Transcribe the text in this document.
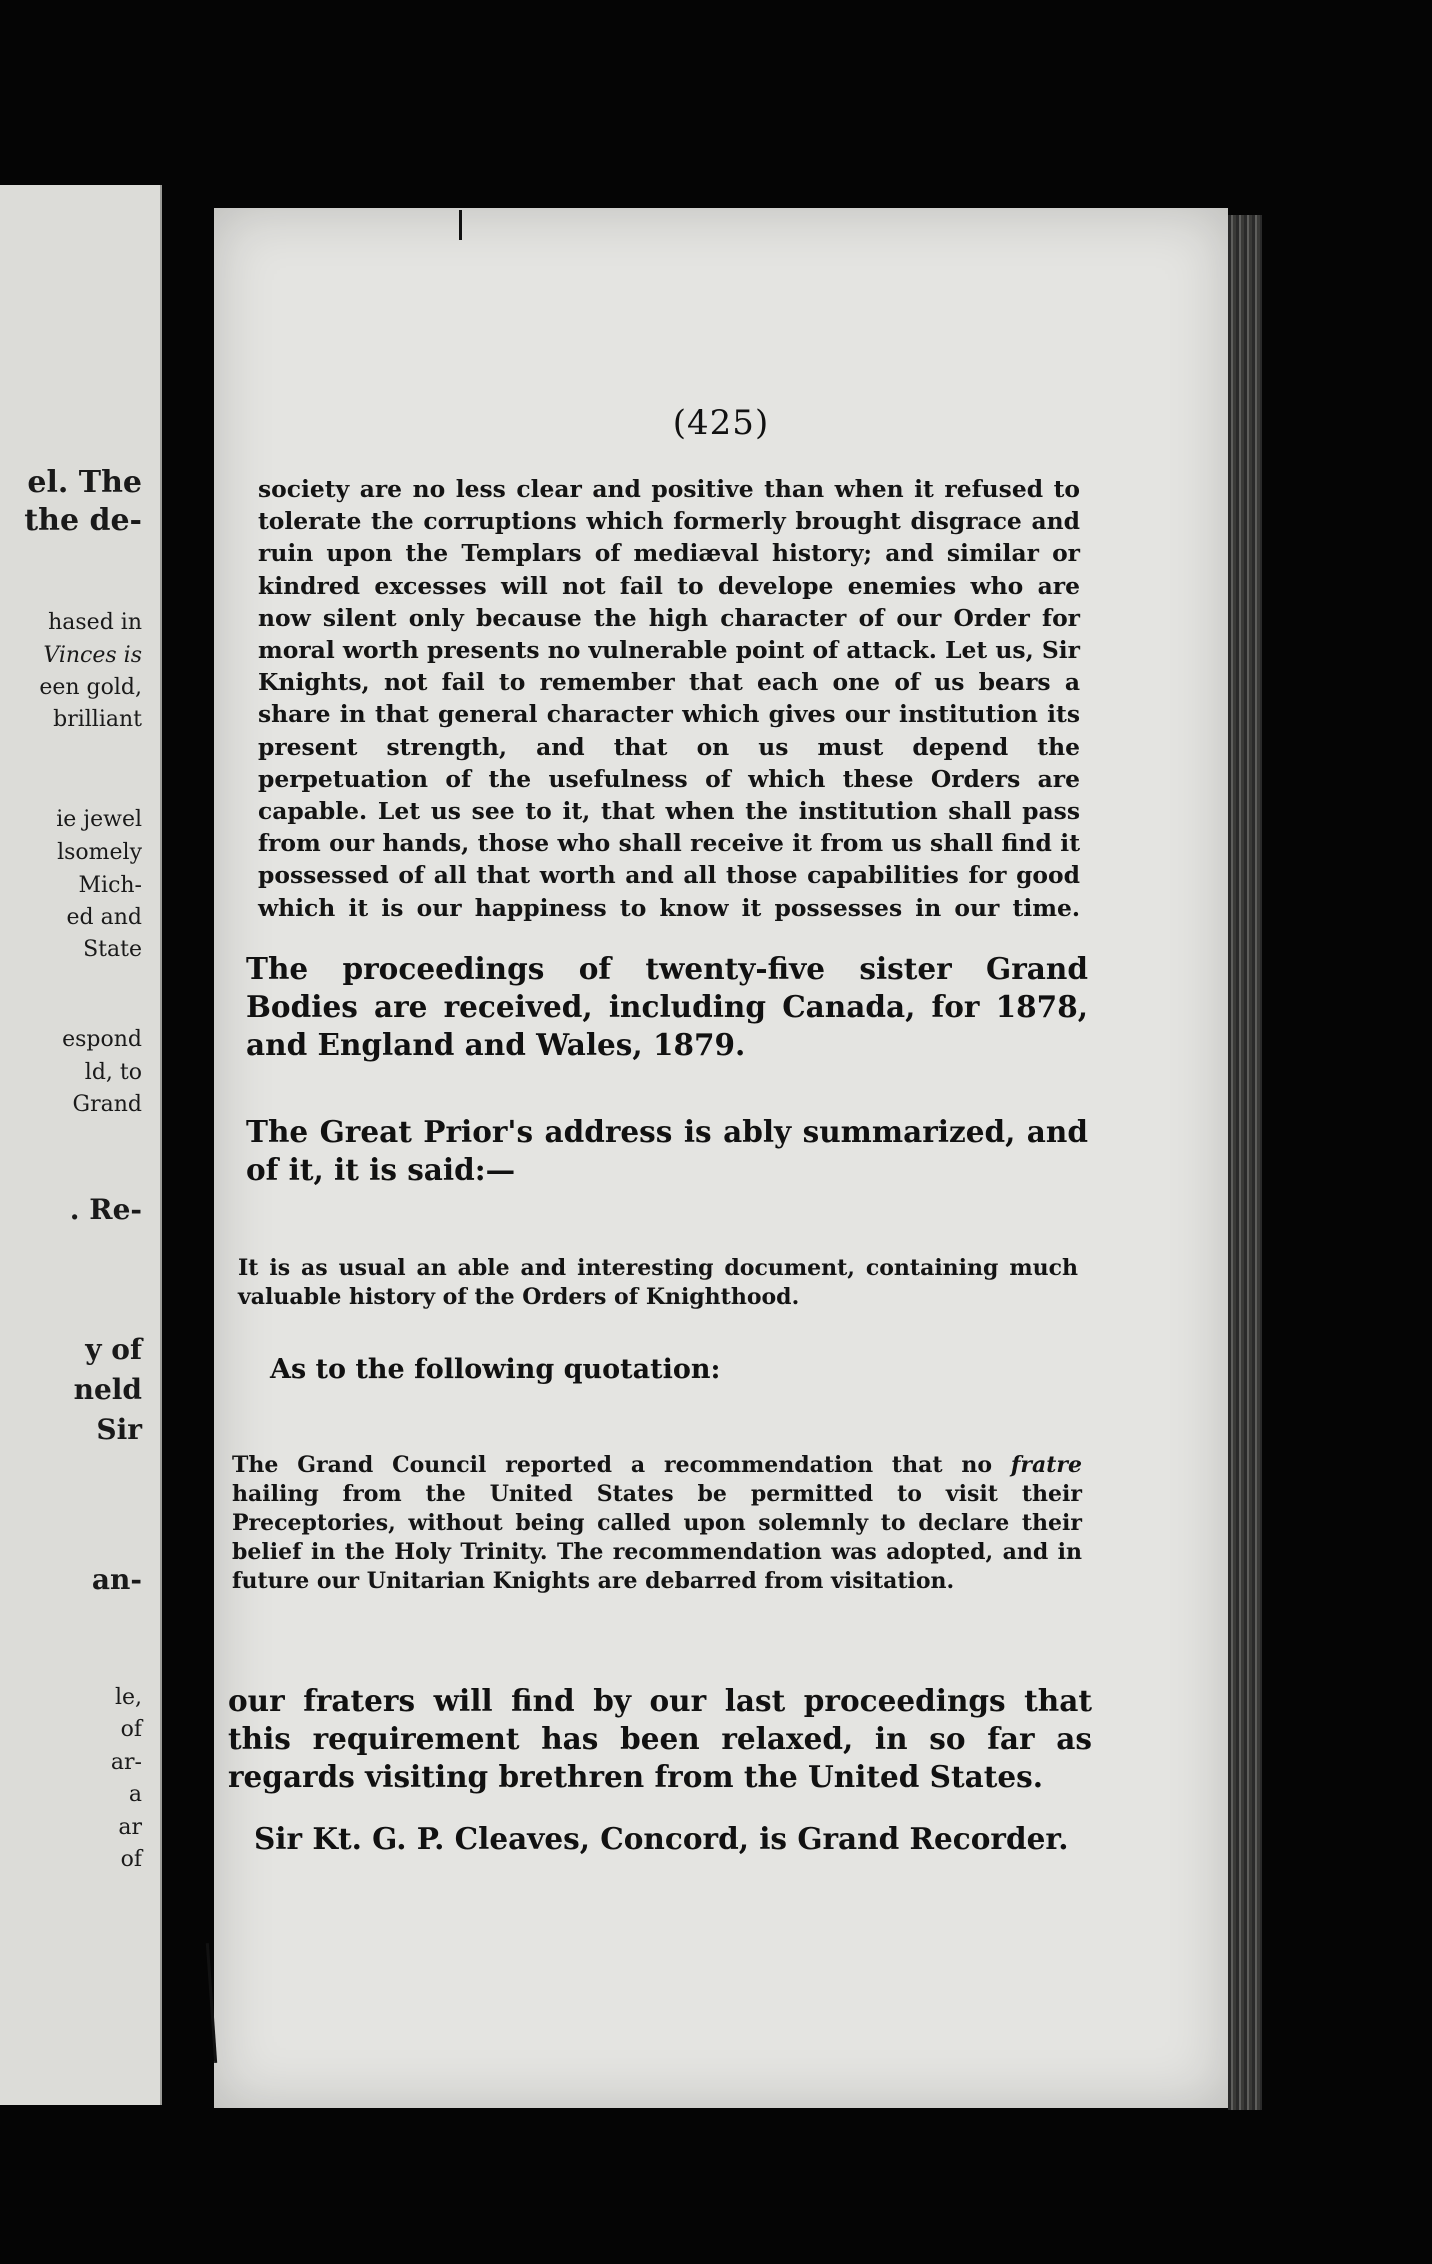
el. The
the de-
hased in
Vinces is
een gold,
brilliant
ie jewel
lsomely
Mich-
ed and
State
espond
ld, to
Grand
. Re-
y of
neld
Sir
an-
le,
of
ar-
a
ar
of
(425)

society are no less clear and positive than when it refused to tolerate the corruptions which formerly brought disgrace and ruin upon the Templars of mediæval history; and similar or kindred excesses will not fail to develope enemies who are now silent only because the high character of our Order for moral worth presents no vulnerable point of attack. Let us, Sir Knights, not fail to remember that each one of us bears a share in that general character which gives our institution its present strength, and that on us must depend the perpetuation of the usefulness of which these Orders are capable. Let us see to it, that when the institution shall pass from our hands, those who shall receive it from us shall find it possessed of all that worth and all those capabilities for good which it is our happiness to know it possesses in our time.

The proceedings of twenty-five sister Grand Bodies are received, including Canada, for 1878, and England and Wales, 1879.

The Great Prior's address is ably summarized, and of it, it is said:—

It is as usual an able and interesting document, containing much valuable history of the Orders of Knighthood.

As to the following quotation:

The Grand Council reported a recommendation that no fratre hailing from the United States be permitted to visit their Preceptories, without being called upon solemnly to declare their belief in the Holy Trinity. The recommendation was adopted, and in future our Unitarian Knights are debarred from visitation.

our fraters will find by our last proceedings that this requirement has been relaxed, in so far as regards visiting brethren from the United States.

Sir Kt. G. P. Cleaves, Concord, is Grand Recorder.
